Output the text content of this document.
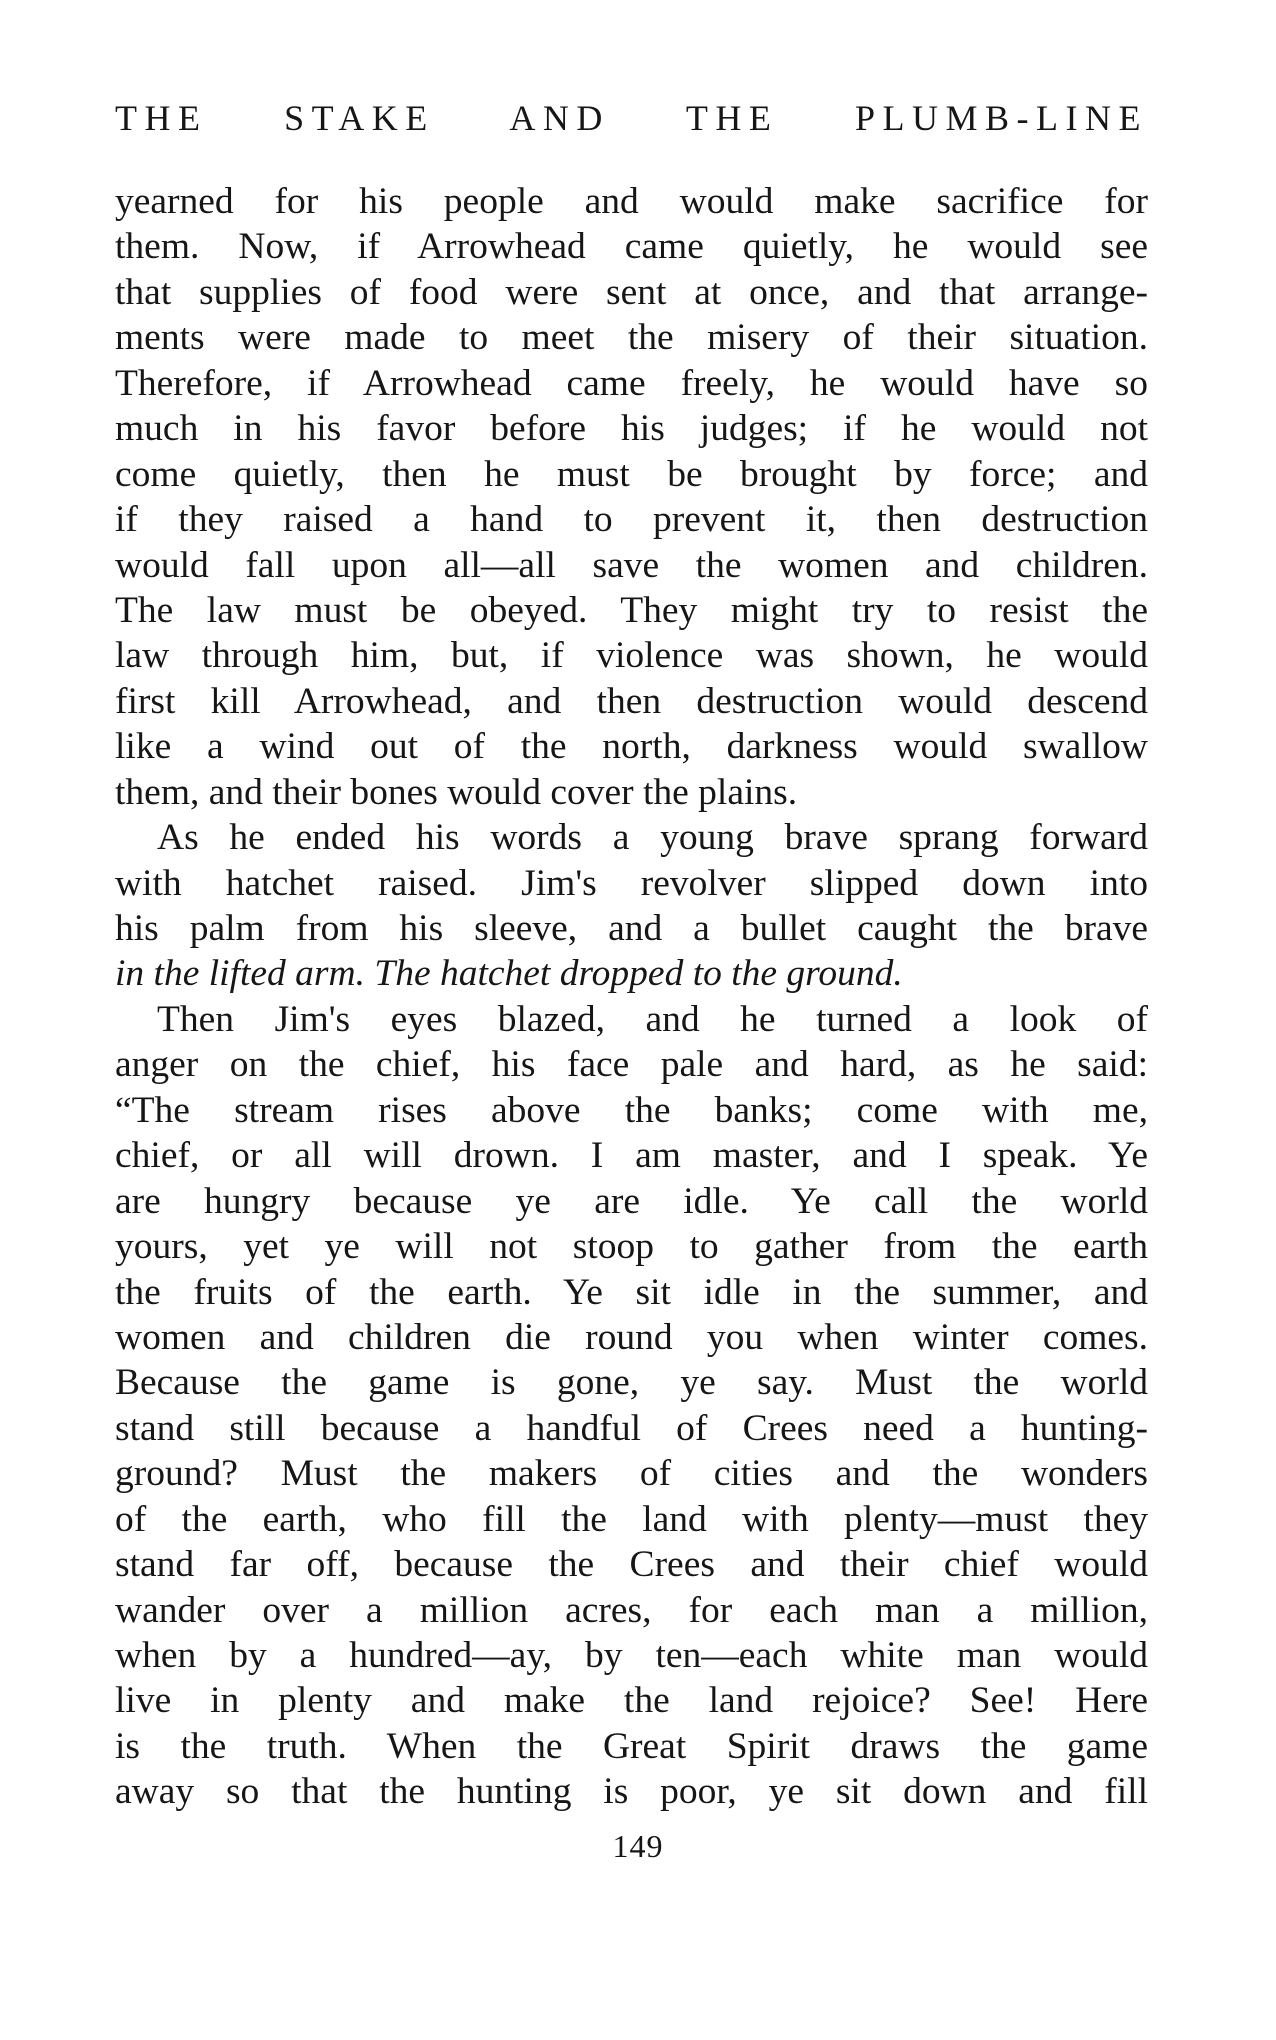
THE STAKE AND THE PLUMB-LINE
yearned for his people and would make sacrifice for
them. Now, if Arrowhead came quietly, he would see
that supplies of food were sent at once, and that arrange-
ments were made to meet the misery of their situation.
Therefore, if Arrowhead came freely, he would have so
much in his favor before his judges; if he would not
come quietly, then he must be brought by force; and
if they raised a hand to prevent it, then destruction
would fall upon all—all save the women and children.
The law must be obeyed. They might try to resist the
law through him, but, if violence was shown, he would
first kill Arrowhead, and then destruction would descend
like a wind out of the north, darkness would swallow
them, and their bones would cover the plains.
As he ended his words a young brave sprang forward
with hatchet raised. Jim's revolver slipped down into
his palm from his sleeve, and a bullet caught the brave
in the lifted arm. The hatchet dropped to the ground.
Then Jim's eyes blazed, and he turned a look of
anger on the chief, his face pale and hard, as he said:
“The stream rises above the banks; come with me,
chief, or all will drown. I am master, and I speak. Ye
are hungry because ye are idle. Ye call the world
yours, yet ye will not stoop to gather from the earth
the fruits of the earth. Ye sit idle in the summer, and
women and children die round you when winter comes.
Because the game is gone, ye say. Must the world
stand still because a handful of Crees need a hunting-
ground? Must the makers of cities and the wonders
of the earth, who fill the land with plenty—must they
stand far off, because the Crees and their chief would
wander over a million acres, for each man a million,
when by a hundred—ay, by ten—each white man would
live in plenty and make the land rejoice? See! Here
is the truth. When the Great Spirit draws the game
away so that the hunting is poor, ye sit down and fill
149
